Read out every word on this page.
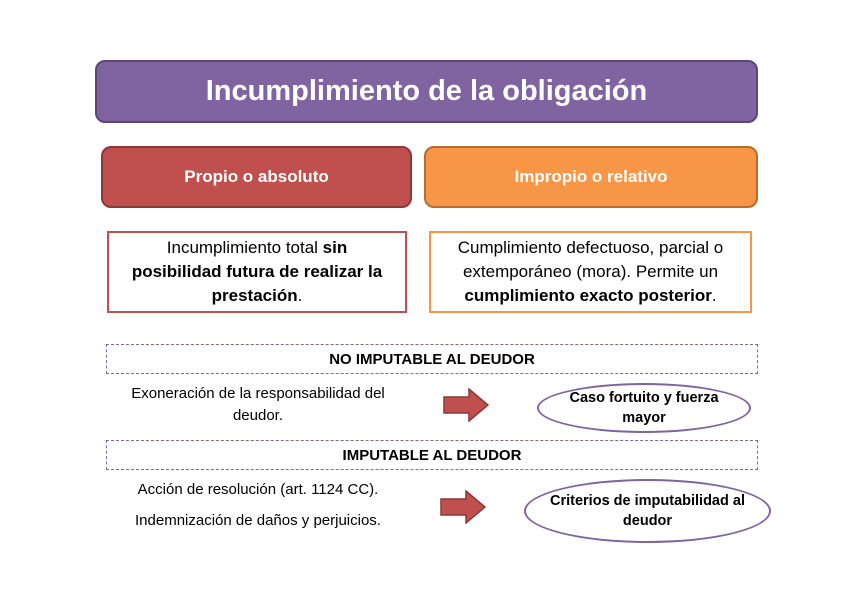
Incumplimiento de la obligación
Propio o absoluto	Impropio o relativo
Incumplimiento total sin posibilidad futura de realizar la prestación.
Cumplimiento defectuoso, parcial o extemporáneo (mora). Permite un cumplimiento exacto posterior.
NO IMPUTABLE AL DEUDOR
Exoneración de la responsabilidad del deudor.
Caso fortuito y fuerza mayor
IMPUTABLE AL DEUDOR
Acción de resolución (art. 1124 CC).
Indemnización de daños y perjuicios.
Criterios de imputabilidad al deudor
